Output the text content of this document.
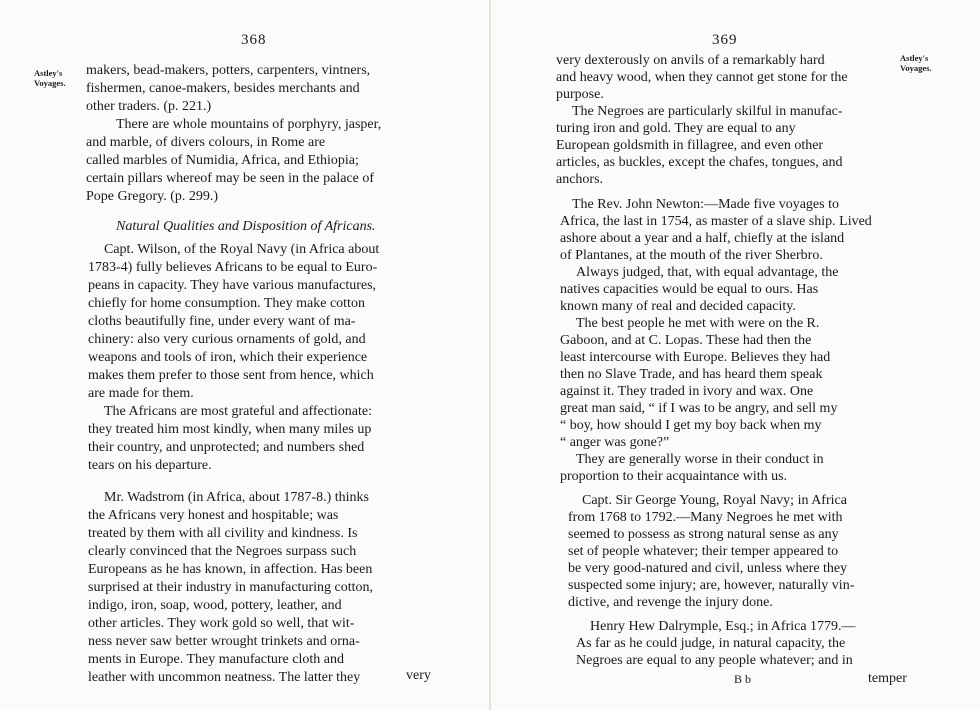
368
Astley's
Voyages.
makers, bead-makers, potters, carpenters, vintners,
fishermen, canoe-makers, besides merchants and
other traders. (p. 221.)
There are whole mountains of porphyry, jasper,
and marble, of divers colours, in Rome are
called marbles of Numidia, Africa, and Ethiopia;
certain pillars whereof may be seen in the palace of
Pope Gregory. (p. 299.)
Natural Qualities and Disposition of Africans.
Capt. Wilson, of the Royal Navy (in Africa about
1783-4) fully believes Africans to be equal to Euro-
peans in capacity. They have various manufactures,
chiefly for home consumption. They make cotton
cloths beautifully fine, under every want of ma-
chinery: also very curious ornaments of gold, and
weapons and tools of iron, which their experience
makes them prefer to those sent from hence, which
are made for them.
The Africans are most grateful and affectionate:
they treated him most kindly, when many miles up
their country, and unprotected; and numbers shed
tears on his departure.
Mr. Wadstrom (in Africa, about 1787-8.) thinks
the Africans very honest and hospitable; was
treated by them with all civility and kindness. Is
clearly convinced that the Negroes surpass such
Europeans as he has known, in affection. Has been
surprised at their industry in manufacturing cotton,
indigo, iron, soap, wood, pottery, leather, and
other articles. They work gold so well, that wit-
ness never saw better wrought trinkets and orna-
ments in Europe. They manufacture cloth and
leather with uncommon neatness. The latter they
369
Astley's
Voyages.
very dexterously on anvils of a remarkably hard
and heavy wood, when they cannot get stone for the
purpose.
The Negroes are particularly skilful in manufac-
turing iron and gold. They are equal to any
European goldsmith in fillagree, and even other
articles, as buckles, except the chafes, tongues, and
anchors.
The Rev. John Newton:—Made five voyages to
Africa, the last in 1754, as master of a slave ship. Lived
ashore about a year and a half, chiefly at the island
of Plantanes, at the mouth of the river Sherbro.
Always judged, that, with equal advantage, the
natives capacities would be equal to ours. Has
known many of real and decided capacity.
The best people he met with were on the R.
Gaboon, and at C. Lopas. These had then the
least intercourse with Europe. Believes they had
then no Slave Trade, and has heard them speak
against it. They traded in ivory and wax. One
great man said, “ if I was to be angry, and sell my
“ boy, how should I get my boy back when my
“ anger was gone?”
They are generally worse in their conduct in
proportion to their acquaintance with us.
Capt. Sir George Young, Royal Navy; in Africa
from 1768 to 1792.—Many Negroes he met with
seemed to possess as strong natural sense as any
set of people whatever; their temper appeared to
be very good-natured and civil, unless where they
suspected some injury; are, however, naturally vin-
dictive, and revenge the injury done.
Henry Hew Dalrymple, Esq.; in Africa 1779.—
As far as he could judge, in natural capacity, the
Negroes are equal to any people whatever; and in
B b	temper
very
